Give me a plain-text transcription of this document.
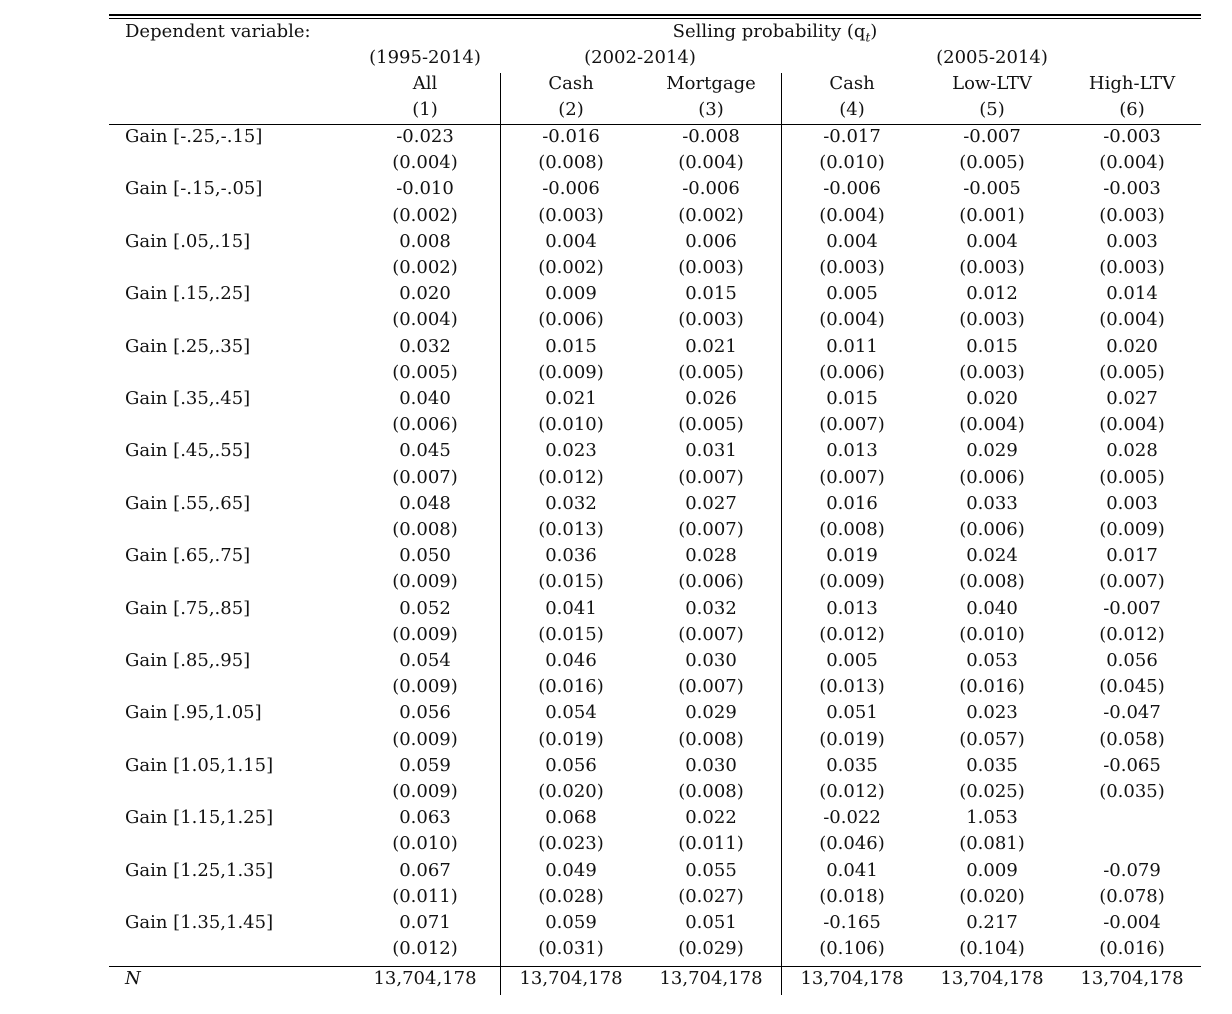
Dependent variable:	Selling probability $(q_t)$
(1995-2014)	(2002-2014)	(2005-2014)
All	Cash	Mortgage	Cash	Low-LTV	High-LTV
(1)	(2)	(3)	(4)	(5)	(6)
Gain [-.25,-.15]	-0.023	-0.016	-0.008	-0.017	-0.007	-0.003
(0.004)	(0.008)	(0.004)	(0.010)	(0.005)	(0.004)
Gain [-.15,-.05]	-0.010	-0.006	-0.006	-0.006	-0.005	-0.003
(0.002)	(0.003)	(0.002)	(0.004)	(0.001)	(0.003)
Gain [.05,.15]	0.008	0.004	0.006	0.004	0.004	0.003
(0.002)	(0.002)	(0.003)	(0.003)	(0.003)	(0.003)
Gain [.15,.25]	0.020	0.009	0.015	0.005	0.012	0.014
(0.004)	(0.006)	(0.003)	(0.004)	(0.003)	(0.004)
Gain [.25,.35]	0.032	0.015	0.021	0.011	0.015	0.020
(0.005)	(0.009)	(0.005)	(0.006)	(0.003)	(0.005)
Gain [.35,.45]	0.040	0.021	0.026	0.015	0.020	0.027
(0.006)	(0.010)	(0.005)	(0.007)	(0.004)	(0.004)
Gain [.45,.55]	0.045	0.023	0.031	0.013	0.029	0.028
(0.007)	(0.012)	(0.007)	(0.007)	(0.006)	(0.005)
Gain [.55,.65]	0.048	0.032	0.027	0.016	0.033	0.003
(0.008)	(0.013)	(0.007)	(0.008)	(0.006)	(0.009)
Gain [.65,.75]	0.050	0.036	0.028	0.019	0.024	0.017
(0.009)	(0.015)	(0.006)	(0.009)	(0.008)	(0.007)
Gain [.75,.85]	0.052	0.041	0.032	0.013	0.040	-0.007
(0.009)	(0.015)	(0.007)	(0.012)	(0.010)	(0.012)
Gain [.85,.95]	0.054	0.046	0.030	0.005	0.053	0.056
(0.009)	(0.016)	(0.007)	(0.013)	(0.016)	(0.045)
Gain [.95,1.05]	0.056	0.054	0.029	0.051	0.023	-0.047
(0.009)	(0.019)	(0.008)	(0.019)	(0.057)	(0.058)
Gain [1.05,1.15]	0.059	0.056	0.030	0.035	0.035	-0.065
(0.009)	(0.020)	(0.008)	(0.012)	(0.025)	(0.035)
Gain [1.15,1.25]	0.063	0.068	0.022	-0.022	1.053
(0.010)	(0.023)	(0.011)	(0.046)	(0.081)
Gain [1.25,1.35]	0.067	0.049	0.055	0.041	0.009	-0.079
(0.011)	(0.028)	(0.027)	(0.018)	(0.020)	(0.078)
Gain [1.35,1.45]	0.071	0.059	0.051	-0.165	0.217	-0.004
(0.012)	(0.031)	(0.029)	(0.106)	(0.104)	(0.016)
N	13,704,178 13,704,178 13,704,178 13,704,178 13,704,178 13,704,178
